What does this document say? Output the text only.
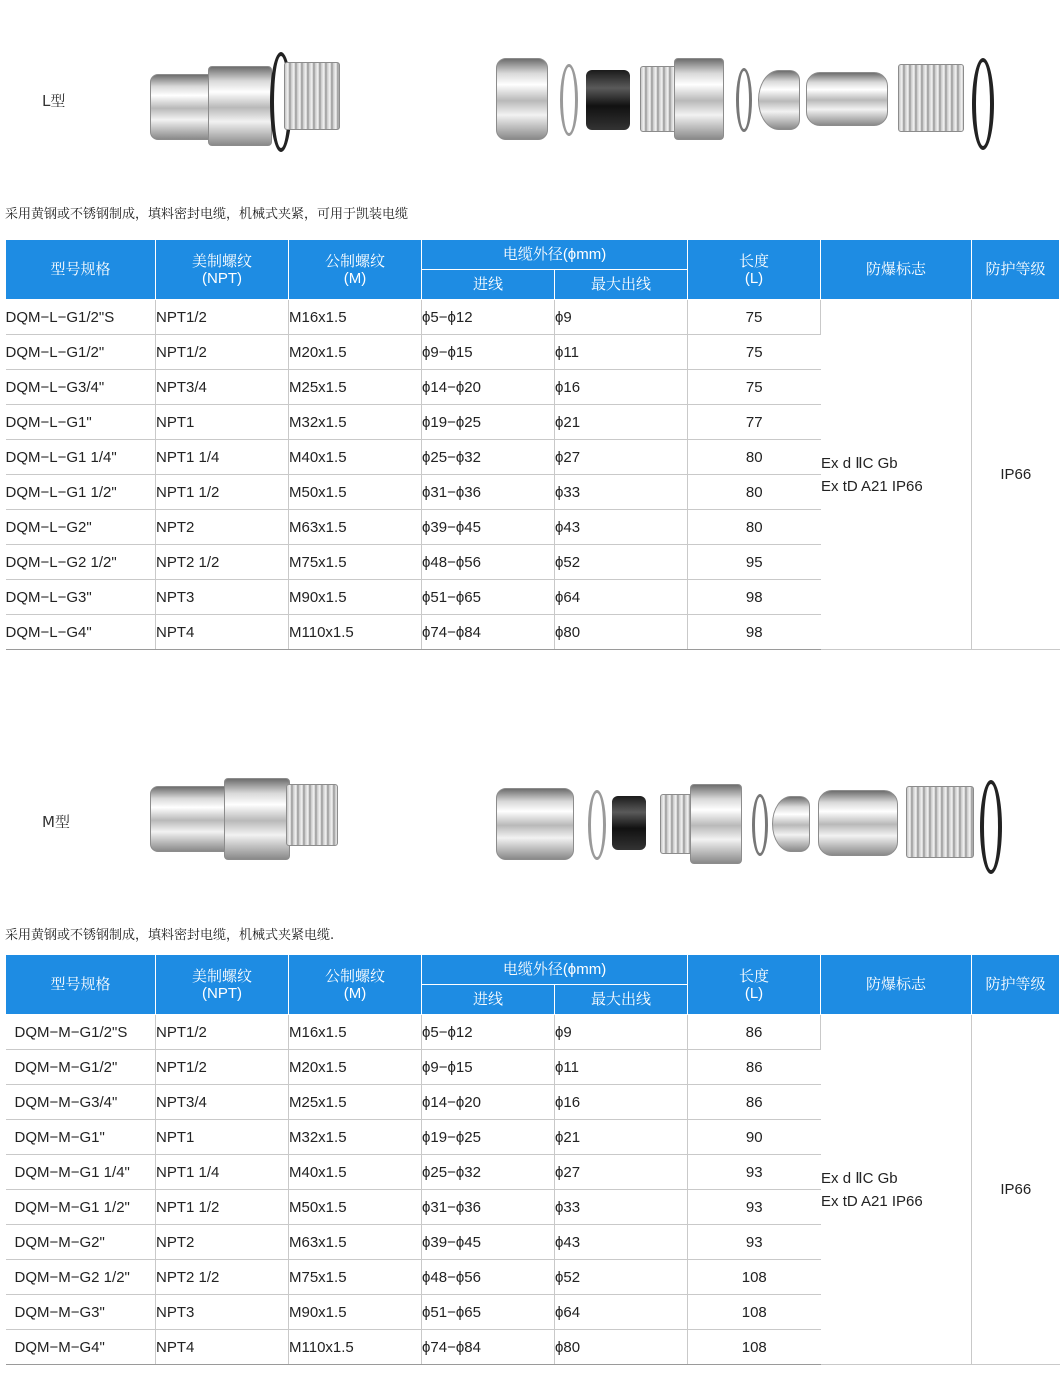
L型
采用黄钢或不锈钢制成，填料密封电缆，机械式夹紧，可用于凯装电缆
型号规格	美制螺纹
(NPT)	公制螺纹
(M)	电缆外径(ϕmm)		长度
(L)	防爆标志	防护等级
			进线	最大出线			
DQM−L−G1/2"S	NPT1/2	M16x1.5	ϕ5−ϕ12	ϕ9	75	Ex d ⅡC Gb
Ex tD A21 IP66	IP66
DQM−L−G1/2"	NPT1/2	M20x1.5	ϕ9−ϕ15	ϕ11	75		
DQM−L−G3/4"	NPT3/4	M25x1.5	ϕ14−ϕ20	ϕ16	75		
DQM−L−G1"	NPT1	M32x1.5	ϕ19−ϕ25	ϕ21	77		
DQM−L−G1 1/4"	NPT1 1/4	M40x1.5	ϕ25−ϕ32	ϕ27	80		
DQM−L−G1 1/2"	NPT1 1/2	M50x1.5	ϕ31−ϕ36	ϕ33	80		
DQM−L−G2"	NPT2	M63x1.5	ϕ39−ϕ45	ϕ43	80		
DQM−L−G2 1/2"	NPT2 1/2	M75x1.5	ϕ48−ϕ56	ϕ52	95		
DQM−L−G3"	NPT3	M90x1.5	ϕ51−ϕ65	ϕ64	98		
DQM−L−G4"	NPT4	M110x1.5	ϕ74−ϕ84	ϕ80	98		
M型
采用黄钢或不锈钢制成，填料密封电缆，机械式夹紧电缆.
型号规格	美制螺纹
(NPT)	公制螺纹
(M)	电缆外径(ϕmm)		长度
(L)	防爆标志	防护等级
			进线	最大出线			
DQM−M−G1/2"S	NPT1/2	M16x1.5	ϕ5−ϕ12	ϕ9	86	Ex d ⅡC Gb
Ex tD A21 IP66	IP66
DQM−M−G1/2"	NPT1/2	M20x1.5	ϕ9−ϕ15	ϕ11	86		
DQM−M−G3/4"	NPT3/4	M25x1.5	ϕ14−ϕ20	ϕ16	86		
DQM−M−G1"	NPT1	M32x1.5	ϕ19−ϕ25	ϕ21	90		
DQM−M−G1 1/4"	NPT1 1/4	M40x1.5	ϕ25−ϕ32	ϕ27	93		
DQM−M−G1 1/2"	NPT1 1/2	M50x1.5	ϕ31−ϕ36	ϕ33	93		
DQM−M−G2"	NPT2	M63x1.5	ϕ39−ϕ45	ϕ43	93		
DQM−M−G2 1/2"	NPT2 1/2	M75x1.5	ϕ48−ϕ56	ϕ52	108		
DQM−M−G3"	NPT3	M90x1.5	ϕ51−ϕ65	ϕ64	108		
DQM−M−G4"	NPT4	M110x1.5	ϕ74−ϕ84	ϕ80	108		
